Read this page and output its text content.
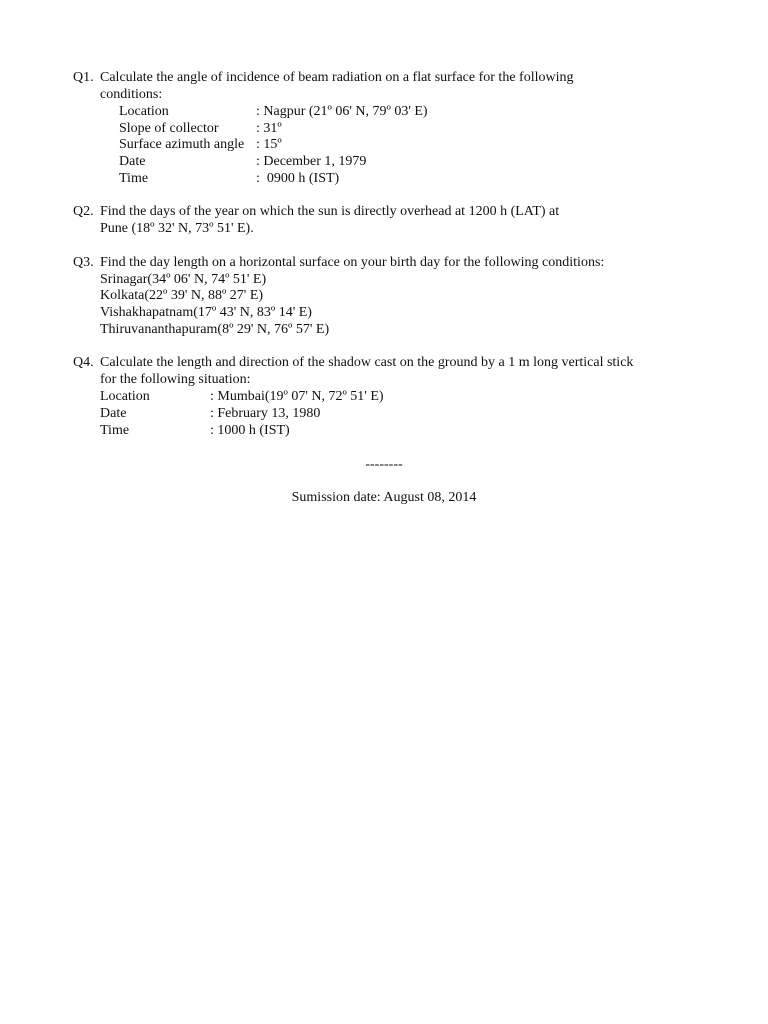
Q1. Calculate the angle of incidence of beam radiation on a flat surface for the following
conditions:
Location	: Nagpur (21º 06' N, 79º 03' E)
Slope of collector	: 31º
Surface azimuth angle : 15º
Date	: December 1, 1979
Time	:  0900 h (IST)
Q2. Find the days of the year on which the sun is directly overhead at 1200 h (LAT) at
Pune (18º 32' N, 73º 51' E).
Q3. Find the day length on a horizontal surface on your birth day for the following conditions:
Srinagar(34º 06' N, 74º 51' E)
Kolkata(22º 39' N, 88º 27' E)
Vishakhapatnam(17º 43' N, 83º 14' E)
Thiruvananthapuram(8º 29' N, 76º 57' E)
Q4. Calculate the length and direction of the shadow cast on the ground by a 1 m long vertical stick
for the following situation:
Location	: Mumbai(19º 07' N, 72º 51' E)
Date	: February 13, 1980
Time	: 1000 h (IST)
--------
Sumission date: August 08, 2014
